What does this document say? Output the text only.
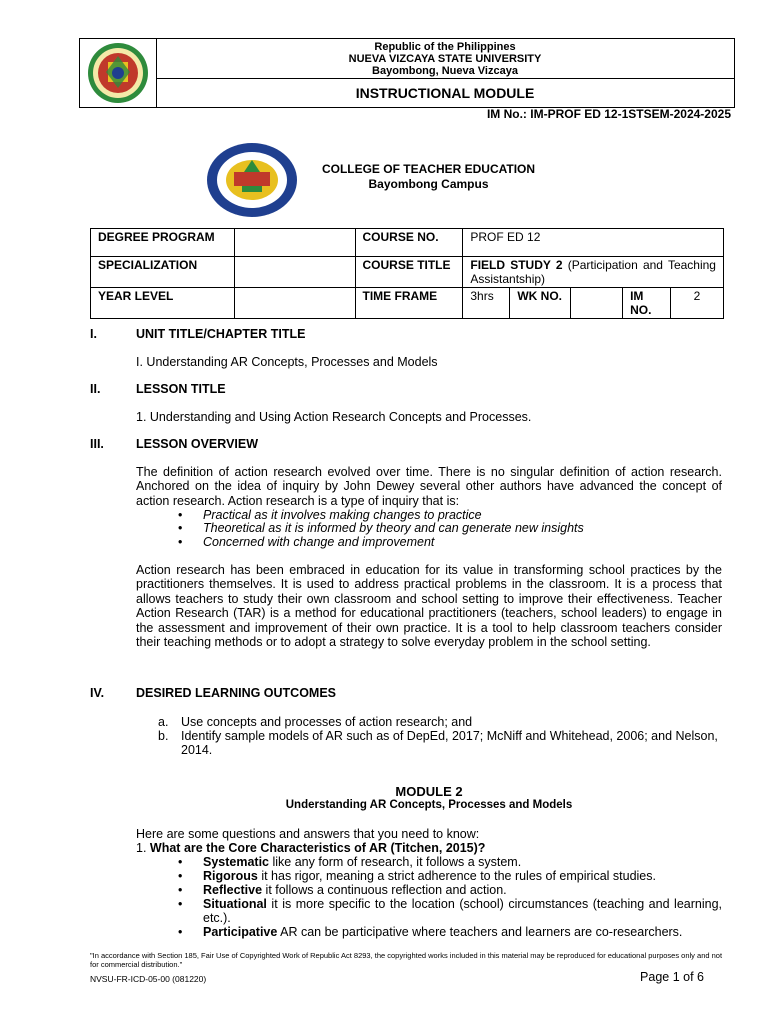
Republic of the Philippines
NUEVA VIZCAYA STATE UNIVERSITY
Bayombong, Nueva Vizcaya
INSTRUCTIONAL MODULE
IM No.: IM-PROF ED 12-1STSEM-2024-2025
COLLEGE OF TEACHER EDUCATION
Bayombong Campus
DEGREE PROGRAM		COURSE NO.	PROF ED 12				
SPECIALIZATION		COURSE TITLE	FIELD STUDY 2 (Participation and Teaching Assistantship)				
YEAR LEVEL		TIME FRAME	3hrs	WK NO.		IM NO.	2
I.	UNIT TITLE/CHAPTER TITLE
I. Understanding AR Concepts, Processes and Models
II.	LESSON TITLE
1. Understanding and Using Action Research Concepts and Processes.
III.	LESSON OVERVIEW
The definition of action research evolved over time. There is no singular definition of action research. Anchored on the idea of inquiry by John Dewey several other authors have advanced the concept of action research. Action research is a type of inquiry that is:
• Practical as it involves making changes to practice
• Theoretical as it is informed by theory and can generate new insights
• Concerned with change and improvement
Action research has been embraced in education for its value in transforming school practices by the practitioners themselves. It is used to address practical problems in the classroom. It is a process that allows teachers to study their own classroom and school setting to improve their effectiveness. Teacher Action Research (TAR) is a method for educational practitioners (teachers, school leaders) to engage in the assessment and improvement of their own practice. It is a tool to help classroom teachers consider their teaching methods or to adopt a strategy to solve everyday problem in the school setting.
IV.	DESIRED LEARNING OUTCOMES
a. Use concepts and processes of action research; and
b. Identify sample models of AR such as of DepEd, 2017; McNiff and Whitehead, 2006; and Nelson, 2014.
MODULE 2
Understanding AR Concepts, Processes and Models
Here are some questions and answers that you need to know:
1. What are the Core Characteristics of AR (Titchen, 2015)?
• Systematic like any form of research, it follows a system.
• Rigorous it has rigor, meaning a strict adherence to the rules of empirical studies.
• Reflective it follows a continuous reflection and action.
• Situational it is more specific to the location (school) circumstances (teaching and learning, etc.).
• Participative AR can be participative where teachers and learners are co-researchers.
"In accordance with Section 185, Fair Use of Copyrighted Work of Republic Act 8293, the copyrighted works included in this material may be reproduced for educational purposes only and not for commercial distribution."
NVSU-FR-ICD-05-00 (081220)	Page 1 of 6
